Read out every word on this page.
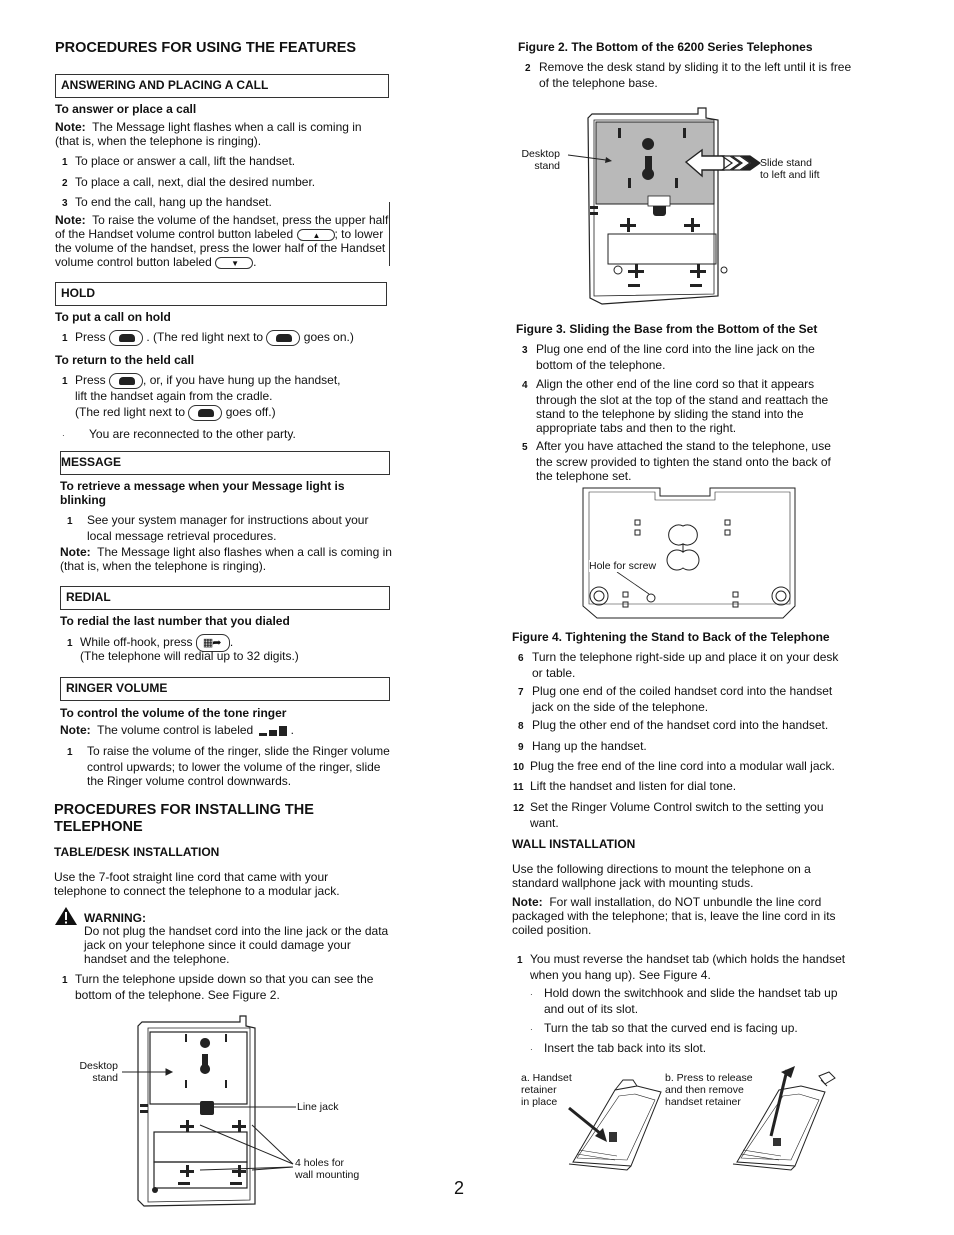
PROCEDURES FOR USING THE FEATURES
ANSWERING AND PLACING A CALL
To answer or place a call
Note: The Message light flashes when a call is coming in (that is, when the telephone is ringing).
1 To place or answer a call, lift the handset.
2 To place a call, next, dial the desired number.
3 To end the call, hang up the handset.
Note: To raise the volume of the handset, press the upper half of the Handset volume control button labeled ▲ ; to lower the volume of the handset, press the lower half of the Handset volume control button labeled ▼ .
HOLD
To put a call on hold
1 Press	. (The red light next to	goes on.)
To return to the held call
1 Press	, or, if you have hung up the handset,
lift the handset again from the cradle.
(The red light next to	goes off.)
· You are reconnected to the other party.
MESSAGE
To retrieve a message when your Message light is blinking
1 See your system manager for instructions about your local message retrieval procedures.
Note: The Message light also flashes when a call is coming in (that is, when the telephone is ringing).
REDIAL
To redial the last number that you dialed
1 While off-hook, press ▦➦ .
(The telephone will redial up to 32 digits.)
RINGER VOLUME
To control the volume of the tone ringer
Note: The volume control is labeled	.
1 To raise the volume of the ringer, slide the Ringer volume control upwards; to lower the volume of the ringer, slide the Ringer volume control downwards.
PROCEDURES FOR INSTALLING THE TELEPHONE
TABLE/DESK INSTALLATION
Use the 7-foot straight line cord that came with your telephone to connect the telephone to a modular jack.
WARNING:
Do not plug the handset cord into the line jack or the data jack on your telephone since it could damage your handset and the telephone.
1 Turn the telephone upside down so that you can see the bottom of the telephone. See Figure 2.
Desktop
stand
Line jack
4 holes for
wall mounting
Figure 2. The Bottom of the 6200 Series Telephones
2 Remove the desk stand by sliding it to the left until it is free of the telephone base.
Desktop
stand	Slide stand
to left and lift
Figure 3. Sliding the Base from the Bottom of the Set
3 Plug one end of the line cord into the line jack on the bottom of the telephone.
4 Align the other end of the line cord so that it appears through the slot at the top of the stand and reattach the stand to the telephone by sliding the stand into the appropriate tabs and then to the right.
5 After you have attached the stand to the telephone, use the screw provided to tighten the stand onto the back of the telephone set.
Hole for screw
Figure 4. Tightening the Stand to Back of the Telephone
6 Turn the telephone right-side up and place it on your desk or table.
7 Plug one end of the coiled handset cord into the handset jack on the side of the telephone.
8 Plug the other end of the handset cord into the handset.
9 Hang up the handset.
10 Plug the free end of the line cord into a modular wall jack.
11 Lift the handset and listen for dial tone.
12 Set the Ringer Volume Control switch to the setting you want.
WALL INSTALLATION
Use the following directions to mount the telephone on a standard wallphone jack with mounting studs.
Note: For wall installation, do NOT unbundle the line cord packaged with the telephone; that is, leave the line cord in its coiled position.
1 You must reverse the handset tab (which holds the handset when you hang up). See Figure 4.
· Hold down the switchhook and slide the handset tab up and out of its slot.
· Turn the tab so that the curved end is facing up.
· Insert the tab back into its slot.
a. Handset
retainer
in place
b. Press to release
and then remove
handset retainer
2
